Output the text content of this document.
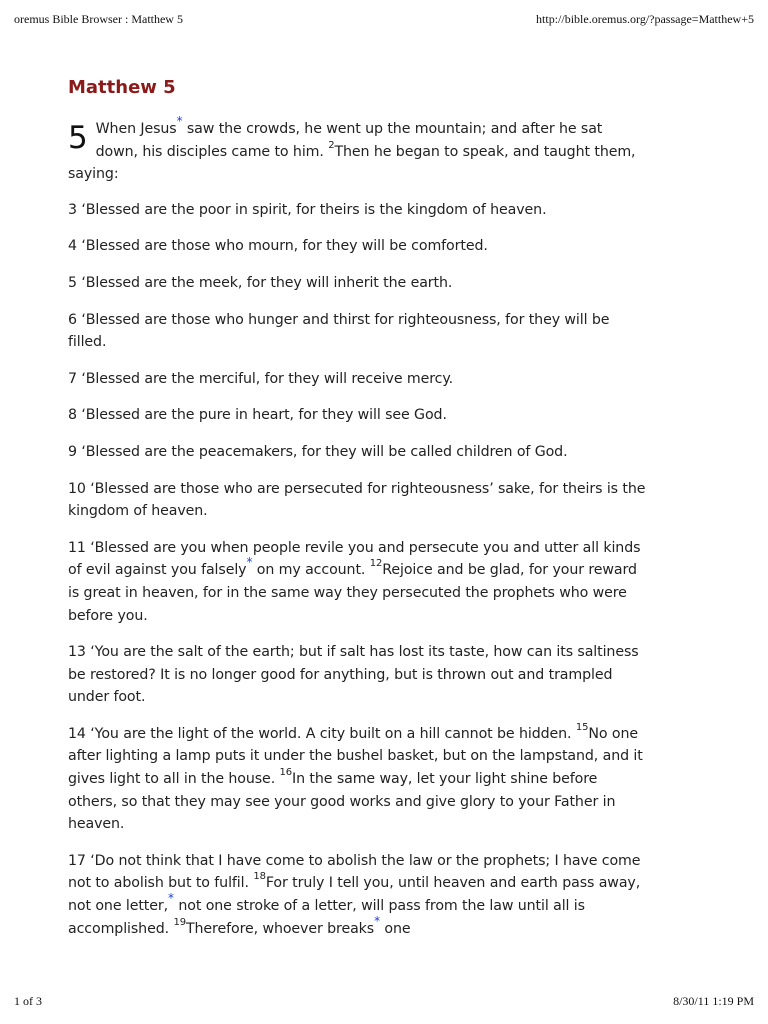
oremus Bible Browser : Matthew 5	http://bible.oremus.org/?passage=Matthew+5
Matthew 5

5 When Jesus* saw the crowds, he went up the mountain; and after he sat down, his disciples came to him. $^2$Then he began to speak, and taught them, saying:

3 ‘Blessed are the poor in spirit, for theirs is the kingdom of heaven.

4 ‘Blessed are those who mourn, for they will be comforted.

5 ‘Blessed are the meek, for they will inherit the earth.

6 ‘Blessed are those who hunger and thirst for righteousness, for they will be filled.

7 ‘Blessed are the merciful, for they will receive mercy.

8 ‘Blessed are the pure in heart, for they will see God.

9 ‘Blessed are the peacemakers, for they will be called children of God.

10 ‘Blessed are those who are persecuted for righteousness’ sake, for theirs is the kingdom of heaven.

11 ‘Blessed are you when people revile you and persecute you and utter all kinds of evil against you falsely* on my account. $^{12}$Rejoice and be glad, for your reward is great in heaven, for in the same way they persecuted the prophets who were before you.

13 ‘You are the salt of the earth; but if salt has lost its taste, how can its saltiness be restored? It is no longer good for anything, but is thrown out and trampled under foot.

14 ‘You are the light of the world. A city built on a hill cannot be hidden. $^{15}$No one after lighting a lamp puts it under the bushel basket, but on the lampstand, and it gives light to all in the house. $^{16}$In the same way, let your light shine before others, so that they may see your good works and give glory to your Father in heaven.

17 ‘Do not think that I have come to abolish the law or the prophets; I have come not to abolish but to fulfil. $^{18}$For truly I tell you, until heaven and earth pass away, not one letter,* not one stroke of a letter, will pass from the law until all is accomplished. $^{19}$Therefore, whoever breaks* one

1 of 3	8/30/11 1:19 PM
